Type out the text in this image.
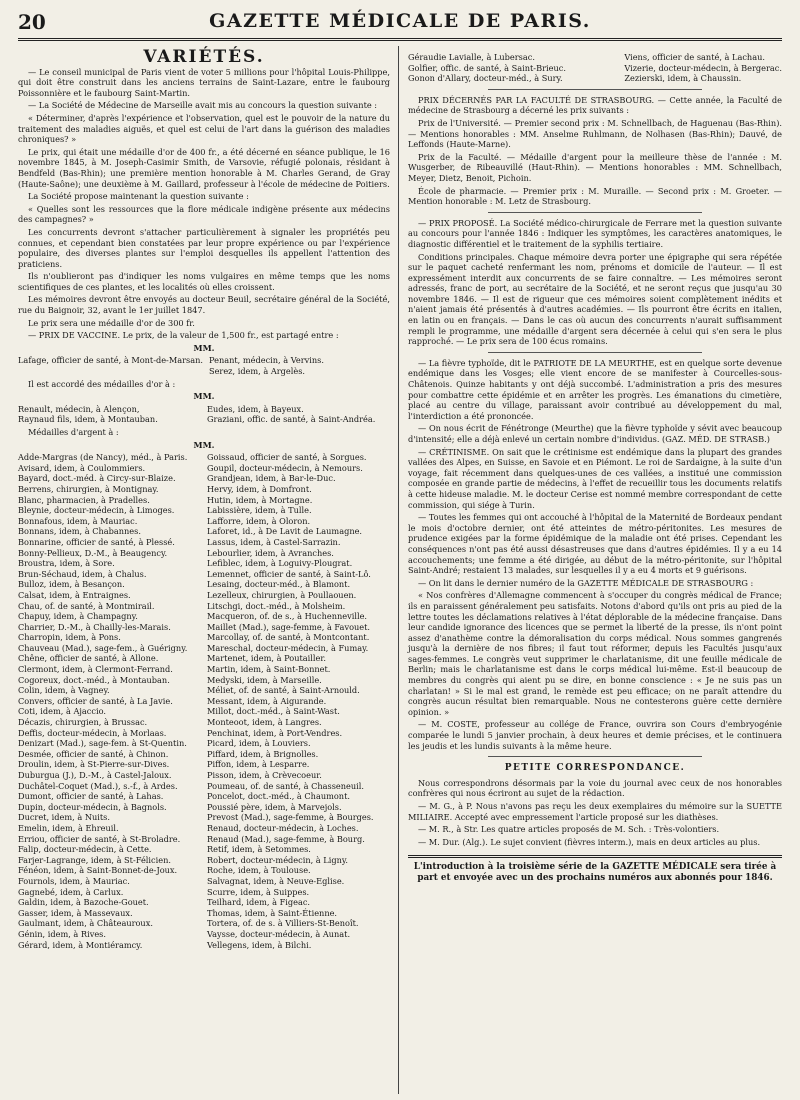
20	GAZETTE MÉDICALE DE PARIS.
VARIÉTÉS.

— Le conseil municipal de Paris vient de voter 5 millions pour l'hôpital Louis-Philippe, qui doit être construit dans les anciens terrains de Saint-Lazare, entre le faubourg Poissonnière et le faubourg Saint-Martin.

— La Société de Médecine de Marseille avait mis au concours la question suivante :

« Déterminer, d'après l'expérience et l'observation, quel est le pouvoir de la nature du traitement des maladies aiguës, et quel est celui de l'art dans la guérison des maladies chroniques? »

Le prix, qui était une médaille d'or de 400 fr., a été décerné en séance publique, le 16 novembre 1845, à M. Joseph-Casimir Smith, de Varsovie, réfugié polonais, résidant à Bendfeld (Bas-Rhin); une première mention honorable à M. Charles Gerand, de Gray (Haute-Saône); une deuxième à M. Gaillard, professeur à l'école de médecine de Poitiers.

La Société propose maintenant la question suivante :

« Quelles sont les ressources que la flore médicale indigène présente aux médecins des campagnes? »

Les concurrents devront s'attacher particulièrement à signaler les propriétés peu connues, et cependant bien constatées par leur propre expérience ou par l'expérience populaire, des diverses plantes sur l'emploi desquelles ils appellent l'attention des praticiens.

Ils n'oublieront pas d'indiquer les noms vulgaires en même temps que les noms scientifiques de ces plantes, et les localités où elles croissent.

Les mémoires devront être envoyés au docteur Beuil, secrétaire général de la Société, rue du Baignoir, 32, avant le 1er juillet 1847.

Le prix sera une médaille d'or de 300 fr.

— PRIX DE VACCINE. Le prix, de la valeur de 1,500 fr., est partagé entre :

MM.
Lafage, officier de santé, à Mont-de-Marsan. Penant, médecin, à Vervins.
Serez, idem, à Argelès.
Il est accordé des médailles d'or à :
MM.
Renault, médecin, à Alençon,	Eudes, idem, à Bayeux.
Raynaud fils, idem, à Montauban.	Graziani, offic. de santé, à Saint-Andréa.
Médailles d'argent à :
MM.
Adde-Margras (de Nancy), méd., à Paris.	Goissaud, officier de santé, à Sorgues.
Avisard, idem, à Coulommiers.	Goupil, docteur-médecin, à Nemours.
Bayard, doct.-méd. à Circy-sur-Blaize.	Grandjean, idem, à Bar-le-Duc.
Berrens, chirurgien, à Montignay.	Hervy, idem, à Domfront.
Blanc, pharmacien, à Pradelles.	Hutin, idem, à Mortagne.
Bleynie, docteur-médecin, à Limoges.	Labissière, idem, à Tulle.
Bonnafous, idem, à Mauriac.	Lafforre, idem, à Oloron.
Bonnans, idem, à Chabannes.	Laforet, id., à De Lavit de Laumagne.
Bonnarine, officier de santé, à Plessé.	Lassus, idem, à Castel-Sarrazin.
Bonny-Pellieux, D.-M., à Beaugency.	Lebourlier, idem, à Avranches.
Broustra, idem, à Sore.	Lefiblec, idem, à Loguivy-Plougrat.
Brun-Séchaud, idem, à Chalus.	Lemennet, officier de santé, à Saint-Lô.
Bulloz, idem, à Besançon.	Lesaing, docteur-méd., à Blamont.
Calsat, idem, à Entraignes.	Lezelleux, chirurgien, à Poullaouen.
Chau, of. de santé, à Montmirail.	Litschgi, doct.-méd., à Molsheim.
Chapuy, idem, à Champagny.	Macqueron, of. de s., à Huchenneville.
Charrier, D.-M., à Chailly-les-Marais.	Maillet (Mad.), sage-femme, à Favouet.
Charropin, idem, à Pons.	Marcollay, of. de santé, à Montcontant.
Chauveau (Mad.), sage-fem., à Guérigny.	Mareschal, docteur-médecin, à Fumay.
Chêne, officier de santé, à Allone.	Martenet, idem, à Poutailler.
Clermont, idem, à Clermont-Ferrand.	Martin, idem, à Saint-Bonnet.
Cogoreux, doct.-méd., à Montauban.	Medyski, idem, à Marseille.
Colin, idem, à Vagney.	Méliet, of. de santé, à Saint-Arnould.
Convers, officier de santé, à La Javie.	Messant, idem, à Aigurande.
Coti, idem, à Ajaccio.	Millot, doct.-méd., à Saint-Wast.
Décazis, chirurgien, à Brussac.	Monteoot, idem, à Langres.
Deffis, docteur-médecin, à Morlaas.	Penchinat, idem, à Port-Vendres.
Denizart (Mad.), sage-fem. à St-Quentin.	Picard, idem, à Louviers.
Desmée, officier de santé, à Chinon.	Piffard, idem, à Brignolles.
Droulin, idem, à St-Pierre-sur-Dives.	Piffon, idem, à Lesparre.
Duburgua (J.), D.-M., à Castel-Jaloux.	Pisson, idem, à Crèvecoeur.
Duchâtel-Coquet (Mad.), s.-f., à Ardes.	Poumeau, of. de santé, à Chasseneuil.
Dumont, officier de santé, à Lahas.	Poncelot, doct.-méd., à Chaumont.
Dupin, docteur-médecin, à Bagnols.	Poussié père, idem, à Marvejols.
Ducret, idem, à Nuits.	Prevost (Mad.), sage-femme, à Bourges.
Emelin, idem, à Ehreuil.	Renaud, docteur-médecin, à Loches.
Erriou, officier de santé, à St-Broladre.	Renaud (Mad.), sage-femme, à Bourg.
Falip, docteur-médecin, à Cette.	Retif, idem, à Setommes.
Farjer-Lagrange, idem, à St-Félicien.	Robert, docteur-médecin, à Ligny.
Fénéon, idem, à Saint-Bonnet-de-Joux.	Roche, idem, à Toulouse.
Fournols, idem, à Mauriac.	Salvagnat, idem, à Neuve-Eglise.
Gagnebé, idem, à Carlux.	Scurre, idem, à Suippes.
Galdin, idem, à Bazoche-Gouet.	Teilhard, idem, à Figeac.
Gasser, idem, à Massevaux.	Thomas, idem, à Saint-Étienne.
Gaulmant, idem, à Châteauroux.	Tortera, of. de s. à Villiers-St-Benoît.
Génin, idem, à Rives.	Vaysse, docteur-médecin, à Aunat.
Gérard, idem, à Montiéramcy.	Vellegens, idem, à Bilchi.
Géraudie Lavialle, à Lubersac.	Viens, officier de santé, à Lachau.
Golfier, offic. de santé, à Saint-Brieuc.	Vizerie, docteur-médecin, à Bergerac.
Gonon d'Allary, docteur-méd., à Sury.	Zezierski, idem, à Chaussin.

PRIX DÉCERNÉS PAR LA FACULTÉ DE STRASBOURG. — Cette année, la Faculté de médecine de Strasbourg a décerné les prix suivants :

Prix de l'Université. — Premier second prix : M. Schnellbach, de Haguenau (Bas-Rhin). — Mentions honorables : MM. Anselme Ruhlmann, de Nolhasen (Bas-Rhin); Dauvé, de Leffonds (Haute-Marne).

Prix de la Faculté. — Médaille d'argent pour la meilleure thèse de l'année : M. Wusgerber, de Ribeauvillé (Haut-Rhin). — Mentions honorables : MM. Schnellbach, Meyer, Dietz, Benoit, Pichoin.

École de pharmacie. — Premier prix : M. Muraille. — Second prix : M. Groeter. — Mention honorable : M. Letz de Strasbourg.

— PRIX PROPOSÉ. La Société médico-chirurgicale de Ferrare met la question suivante au concours pour l'année 1846 : Indiquer les symptômes, les caractères anatomiques, le diagnostic différentiel et le traitement de la syphilis tertiaire.

Conditions principales. Chaque mémoire devra porter une épigraphe qui sera répétée sur le paquet cacheté renfermant les nom, prénoms et domicile de l'auteur. — Il est expressément interdit aux concurrents de se faire connaître. — Les mémoires seront adressés, franc de port, au secrétaire de la Société, et ne seront reçus que jusqu'au 30 novembre 1846. — Il est de rigueur que ces mémoires soient complètement inédits et n'aient jamais été présentés à d'autres académies. — Ils pourront être écrits en italien, en latin ou en français. — Dans le cas où aucun des concurrents n'aurait suffisamment rempli le programme, une médaille d'argent sera décernée à celui qui s'en sera le plus rapproché. — Le prix sera de 100 écus romains.

— La fièvre typhoïde, dit le PATRIOTE DE LA MEURTHE, est en quelque sorte devenue endémique dans les Vosges; elle vient encore de se manifester à Courcelles-sous-Châtenois. Quinze habitants y ont déjà succombé. L'administration a pris des mesures pour combattre cette épidémie et en arrêter les progrès. Les émanations du cimetière, placé au centre du village, paraissant avoir contribué au développement du mal, l'interdiction a été prononcée.

— On nous écrit de Fénétronge (Meurthe) que la fièvre typhoïde y sévit avec beaucoup d'intensité; elle a déjà enlevé un certain nombre d'individus. (GAZ. MÉD. DE STRASB.)

— CRÉTINISME. On sait que le crétinisme est endémique dans la plupart des grandes vallées des Alpes, en Suisse, en Savoie et en Piémont. Le roi de Sardaigne, à la suite d'un voyage, fait récemment dans quelques-unes de ces vallées, a institué une commission composée en grande partie de médecins, à l'effet de recueillir tous les documents relatifs à cette hideuse maladie. M. le docteur Cerise est nommé membre correspondant de cette commission, qui siége à Turin.

— Toutes les femmes qui ont accouché à l'hôpital de la Maternité de Bordeaux pendant le mois d'octobre dernier, ont été atteintes de métro-péritonites. Les mesures de prudence exigées par la forme épidémique de la maladie ont été prises. Cependant les conséquences n'ont pas été aussi désastreuses que dans d'autres épidémies. Il y a eu 14 accouchements; une femme a été dirigée, au début de la métro-péritonite, sur l'hôpital Saint-André; restaient 13 malades, sur lesquelles il y a eu 4 morts et 9 guérisons.

— On lit dans le dernier numéro de la GAZETTE MÉDICALE DE STRASBOURG :

« Nos confrères d'Allemagne commencent à s'occuper du congrès médical de France; ils en paraissent généralement peu satisfaits. Notons d'abord qu'ils ont pris au pied de la lettre toutes les déclamations relatives à l'état déplorable de la médecine française. Dans leur candide ignorance des licences que se permet la liberté de la presse, ils n'ont point assez d'anathème contre la démoralisation du corps médical. Nous sommes gangrenés jusqu'à la dernière de nos fibres; il faut tout réformer, depuis les Facultés jusqu'aux sages-femmes. Le congrès veut supprimer le charlatanisme, dit une feuille médicale de Berlin; mais le charlatanisme est dans le corps médical lui-même. Est-il beaucoup de membres du congrès qui aient pu se dire, en bonne conscience : « Je ne suis pas un charlatan! » Si le mal est grand, le remède est peu efficace; on ne paraît attendre du congrès aucun résultat bien remarquable. Nous ne contesterons guère cette dernière opinion. »

— M. COSTE, professeur au collége de France, ouvrira son Cours d'embryogénie comparée le lundi 5 janvier prochain, à deux heures et demie précises, et le continuera les jeudis et les lundis suivants à la même heure.

PETITE CORRESPONDANCE.

Nous correspondrons désormais par la voie du journal avec ceux de nos honorables confrères qui nous écriront au sujet de la rédaction.

— M. G., à P. Nous n'avons pas reçu les deux exemplaires du mémoire sur la SUETTE MILIAIRE. Accepté avec empressement l'article proposé sur les diathèses.

— M. R., à Str. Les quatre articles proposés de M. Sch. : Très-volontiers.

— M. Dur. (Alg.). Le sujet convient (fièvres interm.), mais en deux articles au plus.

L'introduction à la troisième série de la GAZETTE MÉDICALE sera tirée à part et envoyée avec un des prochains numéros aux abonnés pour 1846.
